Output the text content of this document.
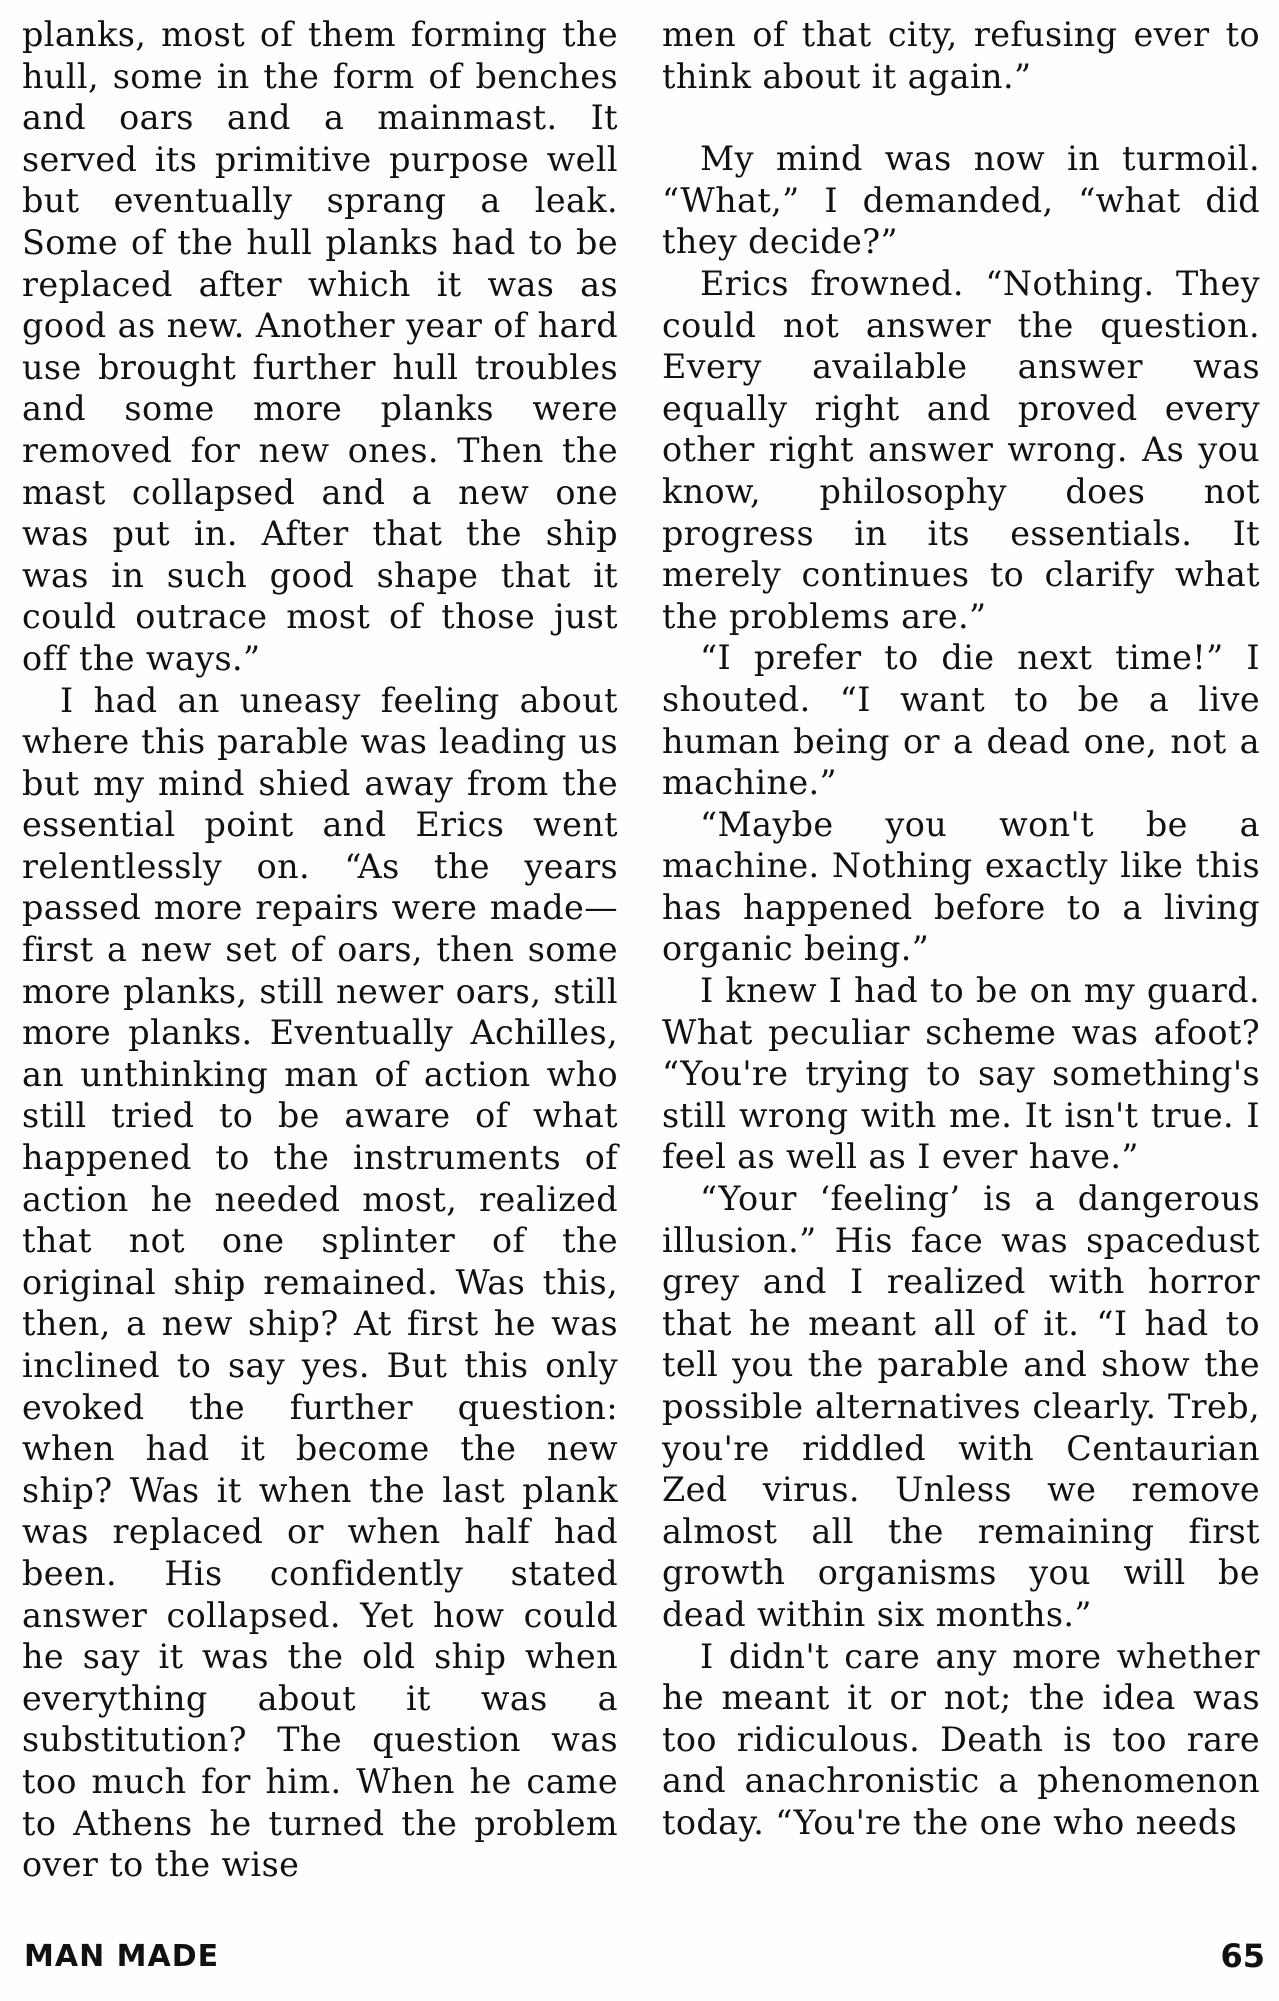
planks, most of them forming the hull, some in the form of benches and oars and a mainmast. It served its primitive purpose well but eventually sprang a leak. Some of the hull planks had to be replaced after which it was as good as new. Another year of hard use brought further hull troubles and some more planks were removed for new ones. Then the mast collapsed and a new one was put in. After that the ship was in such good shape that it could outrace most of those just off the ways.”

I had an uneasy feeling about where this parable was leading us but my mind shied away from the essential point and Erics went relentlessly on. “As the years passed more repairs were made—first a new set of oars, then some more planks, still newer oars, still more planks. Eventually Achilles, an unthinking man of action who still tried to be aware of what happened to the instruments of action he needed most, realized that not one splinter of the original ship remained. Was this, then, a new ship? At first he was inclined to say yes. But this only evoked the further question: when had it become the new ship? Was it when the last plank was replaced or when half had been. His confidently stated answer collapsed. Yet how could he say it was the old ship when everything about it was a substitution? The question was too much for him. When he came to Athens he turned the problem over to the wise

men of that city, refusing ever to think about it again.”

My mind was now in turmoil. “What,” I demanded, “what did they decide?”

Erics frowned. “Nothing. They could not answer the question. Every available answer was equally right and proved every other right answer wrong. As you know, philosophy does not progress in its essentials. It merely continues to clarify what the problems are.”

“I prefer to die next time!” I shouted. “I want to be a live human being or a dead one, not a machine.”

“Maybe you won't be a machine. Nothing exactly like this has happened before to a living organic being.”

I knew I had to be on my guard. What peculiar scheme was afoot? “You're trying to say something's still wrong with me. It isn't true. I feel as well as I ever have.”

“Your ‘feeling’ is a dangerous illusion.” His face was spacedust grey and I realized with horror that he meant all of it. “I had to tell you the parable and show the possible alternatives clearly. Treb, you're riddled with Centaurian Zed virus. Unless we remove almost all the remaining first growth organisms you will be dead within six months.”

I didn't care any more whether he meant it or not; the idea was too ridiculous. Death is too rare and anachronistic a phenomenon today. “You're the one who needs

MAN MADE	65
